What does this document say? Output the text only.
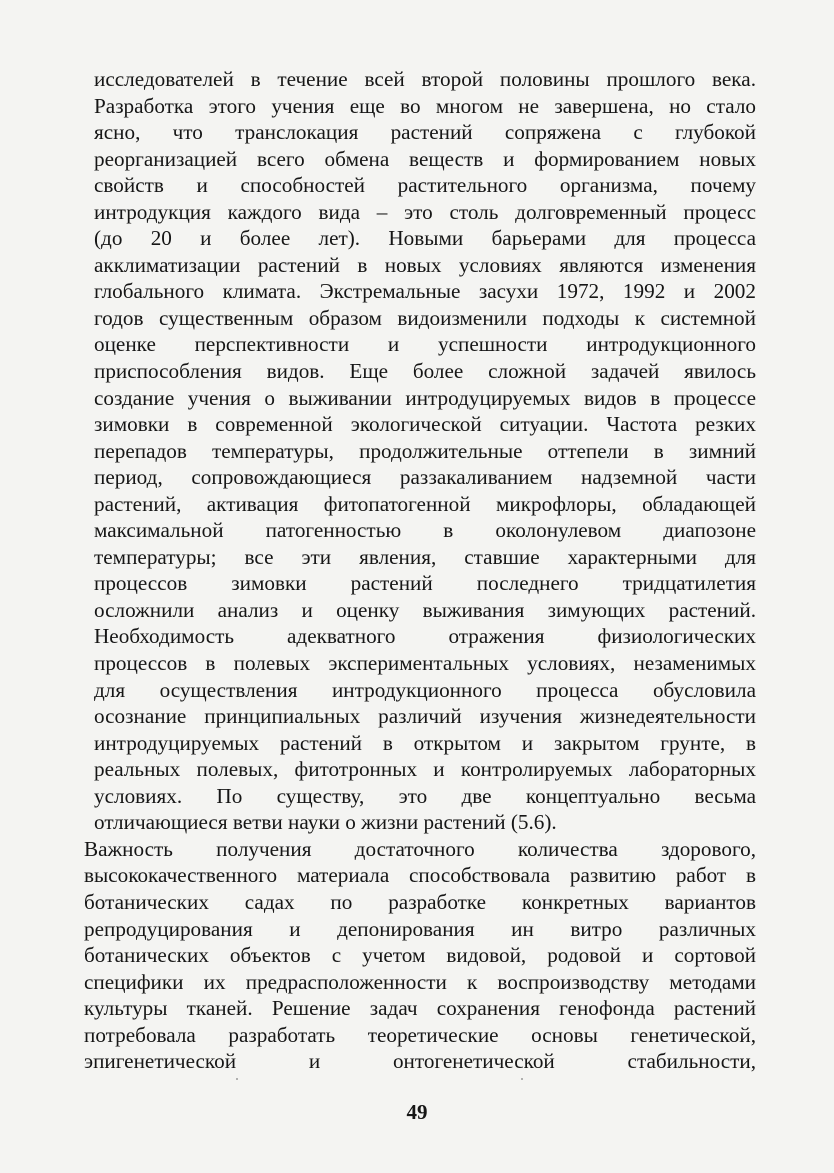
исследователей в течение всей второй половины прошлого века.
Разработка этого учения еще во многом не завершена, но стало
ясно, что транслокация растений сопряжена с глубокой
реорганизацией всего обмена веществ и формированием новых
свойств и способностей растительного организма, почему
интродукция каждого вида – это столь долговременный процесс
(до 20 и более лет). Новыми барьерами для процесса
акклиматизации растений в новых условиях являются изменения
глобального климата. Экстремальные засухи 1972, 1992 и 2002
годов существенным образом видоизменили подходы к системной
оценке перспективности и успешности интродукционного
приспособления видов. Еще более сложной задачей явилось
создание учения о выживании интродуцируемых видов в процессе
зимовки в современной экологической ситуации. Частота резких
перепадов температуры, продолжительные оттепели в зимний
период, сопровождающиеся раззакаливанием надземной части
растений, активация фитопатогенной микрофлоры, обладающей
максимальной патогенностью в околонулевом диапозоне
температуры; все эти явления, ставшие характерными для
процессов зимовки растений последнего тридцатилетия
осложнили анализ и оценку выживания зимующих растений.
Необходимость адекватного отражения физиологических
процессов в полевых экспериментальных условиях, незаменимых
для осуществления интродукционного процесса обусловила
осознание принципиальных различий изучения жизнедеятельности
интродуцируемых растений в открытом и закрытом грунте, в
реальных полевых, фитотронных и контролируемых лабораторных
условиях. По существу, это две концептуально весьма
отличающиеся ветви науки о жизни растений (5.6).

Важность получения достаточного количества здорового,
высококачественного материала способствовала развитию работ в
ботанических садах по разработке конкретных вариантов
репродуцирования и депонирования ин витро различных
ботанических объектов с учетом видовой, родовой и сортовой
специфики их предрасположенности к воспроизводству методами
культуры тканей. Решение задач сохранения генофонда растений
потребовала разработать теоретические основы генетической,
эпигенетической и онтогенетической стабильности,

49
